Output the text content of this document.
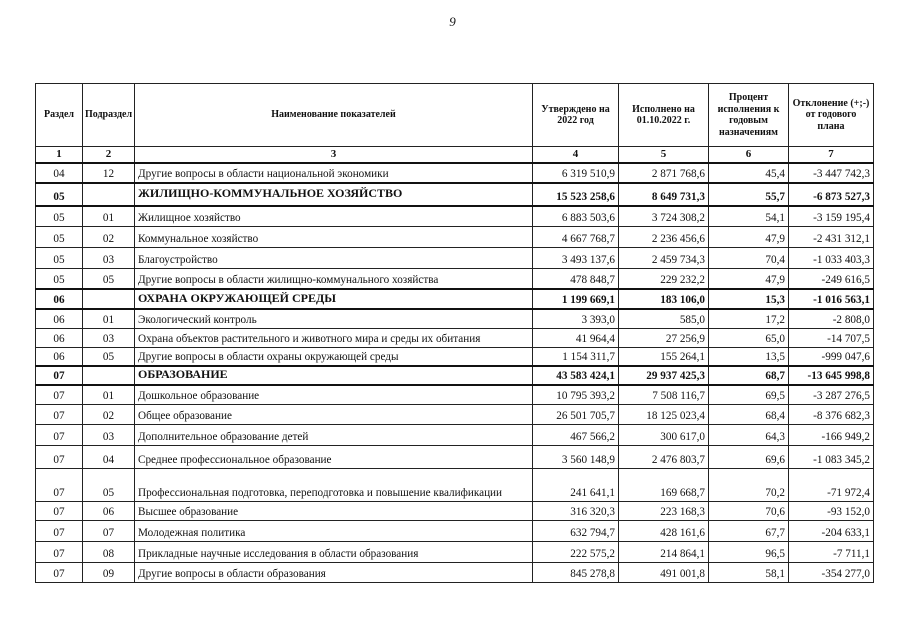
9
Раздел	Подраздел	Наименование показателей	Утверждено на 2022 год	Исполнено на 01.10.2022 г.	Процент исполнения к годовым назначениям	Отклонение (+;-) от годового плана
1	2	3	4	5	6	7
04	12	Другие вопросы в области национальной экономики	6 319 510,9	2 871 768,6	45,4	-3 447 742,3
05		ЖИЛИЩНО-КОММУНАЛЬНОЕ ХОЗЯЙСТВО	15 523 258,6	8 649 731,3	55,7	-6 873 527,3
05	01	Жилищное хозяйство	6 883 503,6	3 724 308,2	54,1	-3 159 195,4
05	02	Коммунальное хозяйство	4 667 768,7	2 236 456,6	47,9	-2 431 312,1
05	03	Благоустройство	3 493 137,6	2 459 734,3	70,4	-1 033 403,3
05	05	Другие вопросы в области жилищно-коммунального хозяйства	478 848,7	229 232,2	47,9	-249 616,5
06		ОХРАНА ОКРУЖАЮЩЕЙ СРЕДЫ	1 199 669,1	183 106,0	15,3	-1 016 563,1
06	01	Экологический контроль	3 393,0	585,0	17,2	-2 808,0
06	03	Охрана объектов растительного и животного мира и среды их обитания	41 964,4	27 256,9	65,0	-14 707,5
06	05	Другие вопросы в области охраны окружающей среды	1 154 311,7	155 264,1	13,5	-999 047,6
07		ОБРАЗОВАНИЕ	43 583 424,1	29 937 425,3	68,7	-13 645 998,8
07	01	Дошкольное образование	10 795 393,2	7 508 116,7	69,5	-3 287 276,5
07	02	Общее образование	26 501 705,7	18 125 023,4	68,4	-8 376 682,3
07	03	Дополнительное образование детей	467 566,2	300 617,0	64,3	-166 949,2
07	04	Среднее профессиональное образование	3 560 148,9	2 476 803,7	69,6	-1 083 345,2
07	05	Профессиональная подготовка, переподготовка и повышение квалификации	241 641,1	169 668,7	70,2	-71 972,4
07	06	Высшее образование	316 320,3	223 168,3	70,6	-93 152,0
07	07	Молодежная политика	632 794,7	428 161,6	67,7	-204 633,1
07	08	Прикладные научные исследования в области образования	222 575,2	214 864,1	96,5	-7 711,1
07	09	Другие вопросы в области образования	845 278,8	491 001,8	58,1	-354 277,0
